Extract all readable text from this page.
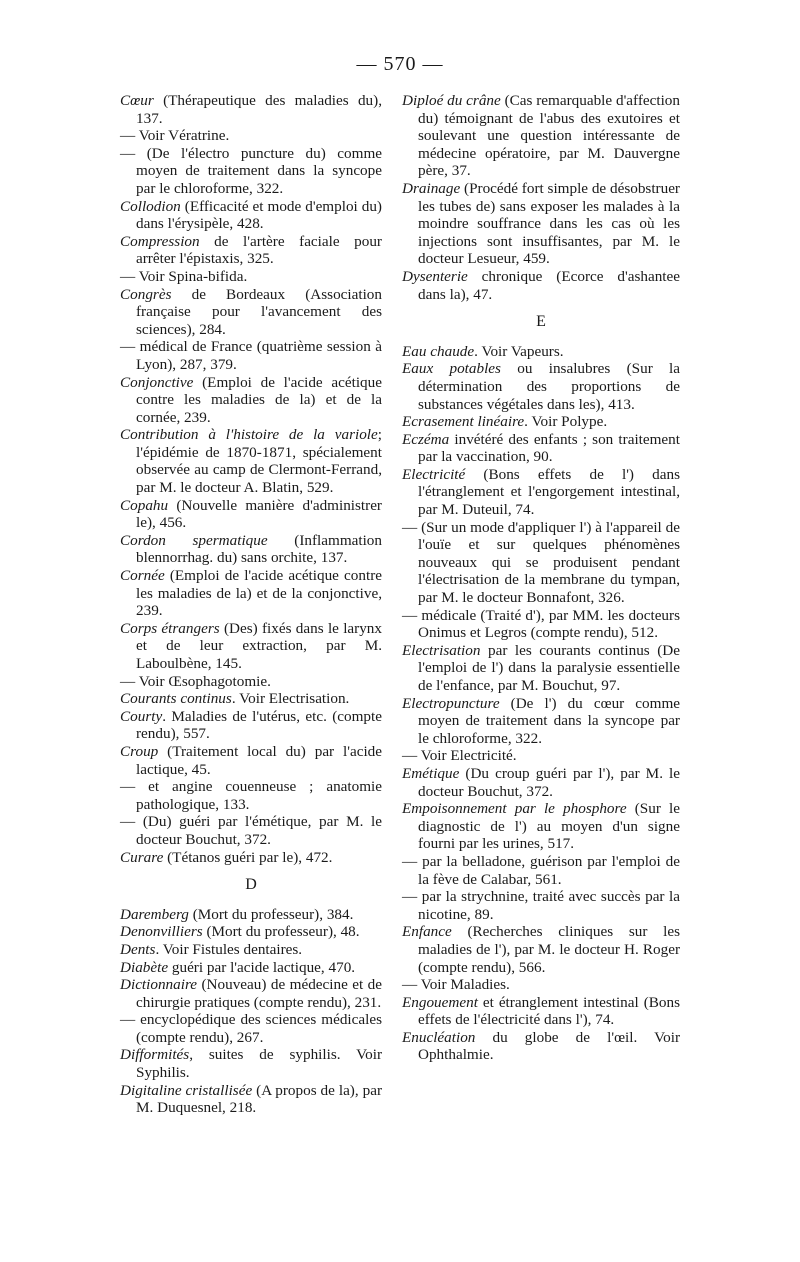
— 570 —

Cœur (Thérapeutique des maladies du), 137.

— Voir Vératrine.

— (De l'électro puncture du) comme moyen de traitement dans la syncope par le chloroforme, 322.

Collodion (Efficacité et mode d'emploi du) dans l'érysipèle, 428.

Compression de l'artère faciale pour arrêter l'épistaxis, 325.

— Voir Spina-bifida.

Congrès de Bordeaux (Association française pour l'avancement des sciences), 284.

— médical de France (quatrième session à Lyon), 287, 379.

Conjonctive (Emploi de l'acide acétique contre les maladies de la) et de la cornée, 239.

Contribution à l'histoire de la variole; l'épidémie de 1870-1871, spécialement observée au camp de Clermont-Ferrand, par M. le docteur A. Blatin, 529.

Copahu (Nouvelle manière d'administrer le), 456.

Cordon spermatique (Inflammation blennorrhag. du) sans orchite, 137.

Cornée (Emploi de l'acide acétique contre les maladies de la) et de la conjonctive, 239.

Corps étrangers (Des) fixés dans le larynx et de leur extraction, par M. Laboulbène, 145.

— Voir Œsophagotomie.

Courants continus. Voir Electrisation.

Courty. Maladies de l'utérus, etc. (compte rendu), 557.

Croup (Traitement local du) par l'acide lactique, 45.

— et angine couenneuse ; anatomie pathologique, 133.

— (Du) guéri par l'émétique, par M. le docteur Bouchut, 372.

Curare (Tétanos guéri par le), 472.

D

Daremberg (Mort du professeur), 384.

Denonvilliers (Mort du professeur), 48.

Dents. Voir Fistules dentaires.

Diabète guéri par l'acide lactique, 470.

Dictionnaire (Nouveau) de médecine et de chirurgie pratiques (compte rendu), 231.

— encyclopédique des sciences médicales (compte rendu), 267.

Difformités, suites de syphilis. Voir Syphilis.

Digitaline cristallisée (A propos de la), par M. Duquesnel, 218.

Diploé du crâne (Cas remarquable d'affection du) témoignant de l'abus des exutoires et soulevant une question intéressante de médecine opératoire, par M. Dauvergne père, 37.

Drainage (Procédé fort simple de désobstruer les tubes de) sans exposer les malades à la moindre souffrance dans les cas où les injections sont insuffisantes, par M. le docteur Lesueur, 459.

Dysenterie chronique (Ecorce d'ashantee dans la), 47.

E

Eau chaude. Voir Vapeurs.

Eaux potables ou insalubres (Sur la détermination des proportions de substances végétales dans les), 413.

Ecrasement linéaire. Voir Polype.

Eczéma invétéré des enfants ; son traitement par la vaccination, 90.

Electricité (Bons effets de l') dans l'étranglement et l'engorgement intestinal, par M. Duteuil, 74.

— (Sur un mode d'appliquer l') à l'appareil de l'ouïe et sur quelques phénomènes nouveaux qui se produisent pendant l'électrisation de la membrane du tympan, par M. le docteur Bonnafont, 326.

— médicale (Traité d'), par MM. les docteurs Onimus et Legros (compte rendu), 512.

Electrisation par les courants continus (De l'emploi de l') dans la paralysie essentielle de l'enfance, par M. Bouchut, 97.

Electropuncture (De l') du cœur comme moyen de traitement dans la syncope par le chloroforme, 322.

— Voir Electricité.

Emétique (Du croup guéri par l'), par M. le docteur Bouchut, 372.

Empoisonnement par le phosphore (Sur le diagnostic de l') au moyen d'un signe fourni par les urines, 517.

— par la belladone, guérison par l'emploi de la fève de Calabar, 561.

— par la strychnine, traité avec succès par la nicotine, 89.

Enfance (Recherches cliniques sur les maladies de l'), par M. le docteur H. Roger (compte rendu), 566.

— Voir Maladies.

Engouement et étranglement intestinal (Bons effets de l'électricité dans l'), 74.

Enucléation du globe de l'œil. Voir Ophthalmie.
